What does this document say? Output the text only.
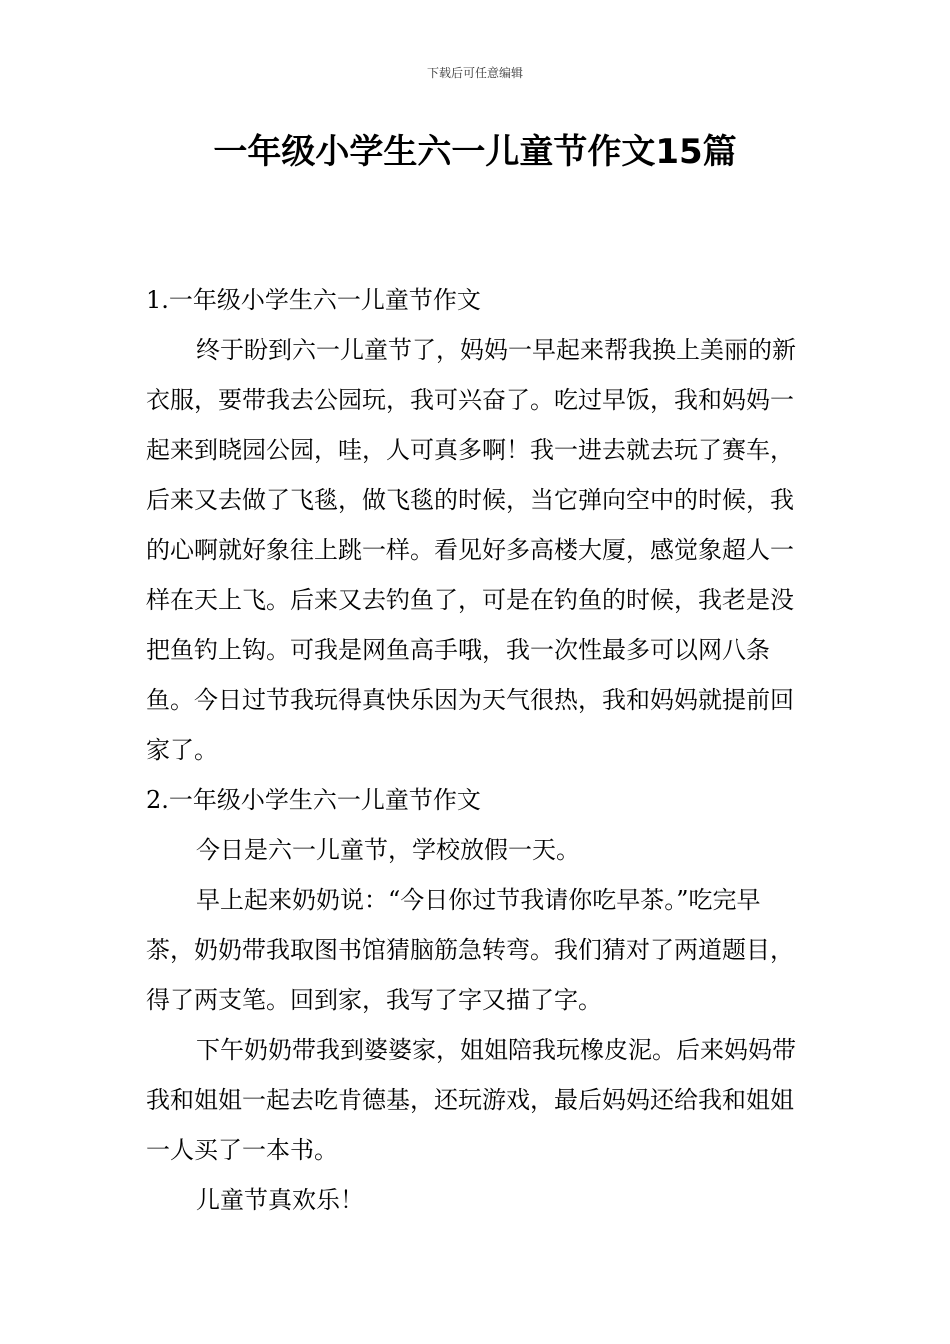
下载后可任意编辑
一年级小学生六一儿童节作文15篇

1.一年级小学生六一儿童节作文

终于盼到六一儿童节了，妈妈一早起来帮我换上美丽的新衣服，要带我去公园玩，我可兴奋了。吃过早饭，我和妈妈一起来到晓园公园，哇，人可真多啊！我一进去就去玩了赛车，后来又去做了飞毯，做飞毯的时候，当它弹向空中的时候，我的心啊就好象往上跳一样。看见好多高楼大厦，感觉象超人一样在天上飞。后来又去钓鱼了，可是在钓鱼的时候，我老是没把鱼钓上钩。可我是网鱼高手哦，我一次性最多可以网八条鱼。今日过节我玩得真快乐因为天气很热，我和妈妈就提前回家了。

2.一年级小学生六一儿童节作文

今日是六一儿童节，学校放假一天。

早上起来奶奶说：“今日你过节我请你吃早茶。”吃完早茶，奶奶带我取图书馆猜脑筋急转弯。我们猜对了两道题目，得了两支笔。回到家，我写了字又描了字。

下午奶奶带我到婆婆家，姐姐陪我玩橡皮泥。后来妈妈带我和姐姐一起去吃肯德基，还玩游戏，最后妈妈还给我和姐姐一人买了一本书。

儿童节真欢乐！
